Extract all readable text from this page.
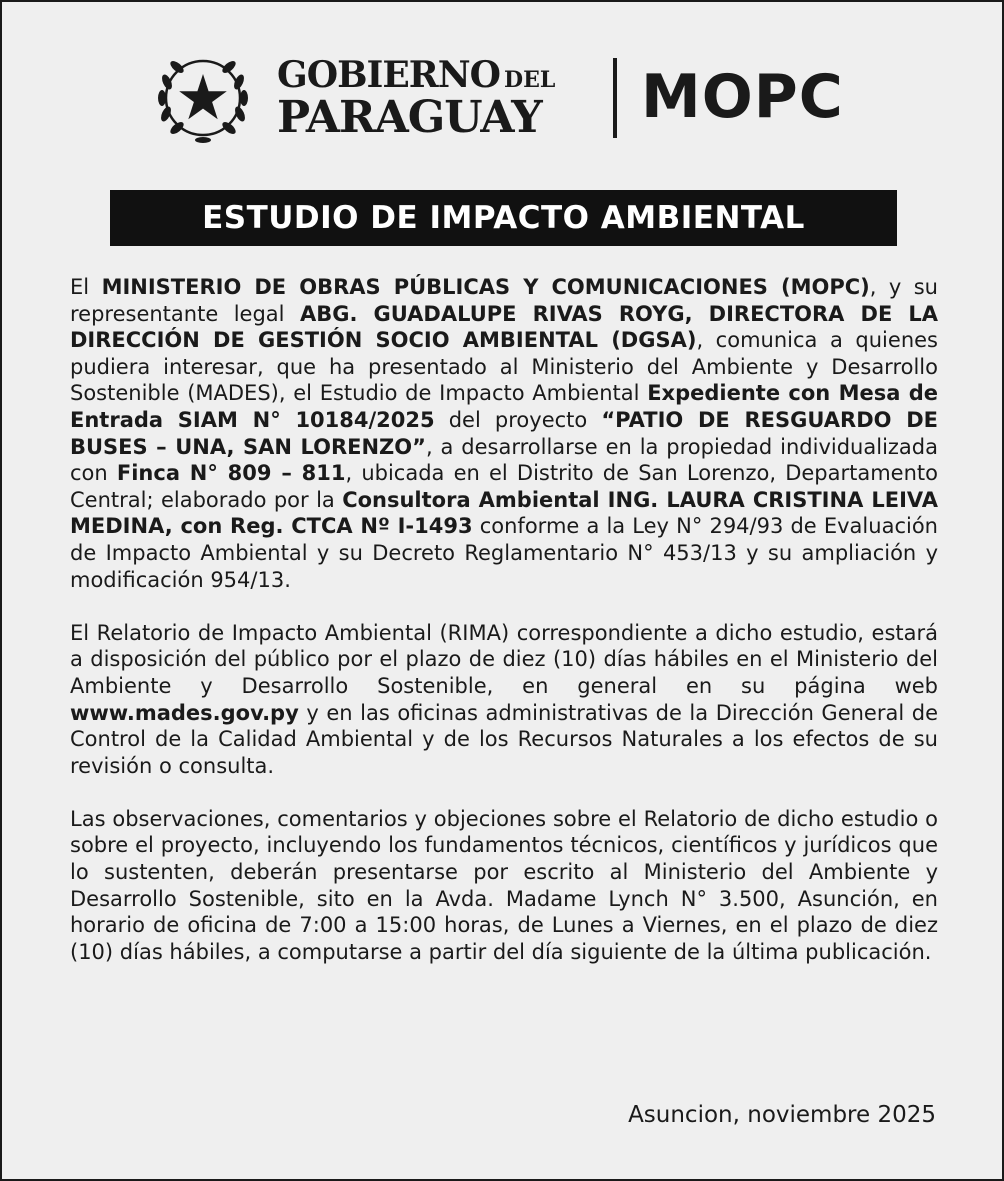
GOBIERNO DEL
PARAGUAY MOPC
ESTUDIO DE IMPACTO AMBIENTAL

El MINISTERIO DE OBRAS PÚBLICAS Y COMUNICACIONES (MOPC), y su representante legal ABG. GUADALUPE RIVAS ROYG, DIRECTORA DE LA DIRECCIÓN DE GESTIÓN SOCIO AMBIENTAL (DGSA), comunica a quienes pudiera interesar, que ha presentado al Ministerio del Ambiente y Desarrollo Sostenible (MADES), el Estudio de Impacto Ambiental Expediente con Mesa de Entrada SIAM N° 10184/2025 del proyecto “PATIO DE RESGUARDO DE BUSES – UNA, SAN LORENZO”, a desarrollarse en la propiedad individualizada con Finca N° 809 – 811, ubicada en el Distrito de San Lorenzo, Departamento Central; elaborado por la Consultora Ambiental ING. LAURA CRISTINA LEIVA MEDINA, con Reg. CTCA Nº I-1493 conforme a la Ley N° 294/93 de Evaluación de Impacto Ambiental y su Decreto Reglamentario N° 453/13 y su ampliación y modificación 954/13.

El Relatorio de Impacto Ambiental (RIMA) correspondiente a dicho estudio, estará a disposición del público por el plazo de diez (10) días hábiles en el Ministerio del Ambiente y Desarrollo Sostenible, en general en su página web www.mades.gov.py y en las oficinas administrativas de la Dirección General de Control de la Calidad Ambiental y de los Recursos Naturales a los efectos de su revisión o consulta.

Las observaciones, comentarios y objeciones sobre el Relatorio de dicho estudio o sobre el proyecto, incluyendo los fundamentos técnicos, científicos y jurídicos que lo sustenten, deberán presentarse por escrito al Ministerio del Ambiente y Desarrollo Sostenible, sito en la Avda. Madame Lynch N° 3.500, Asunción, en horario de oficina de 7:00 a 15:00 horas, de Lunes a Viernes, en el plazo de diez (10) días hábiles, a computarse a partir del día siguiente de la última publicación.

Asuncion, noviembre 2025
